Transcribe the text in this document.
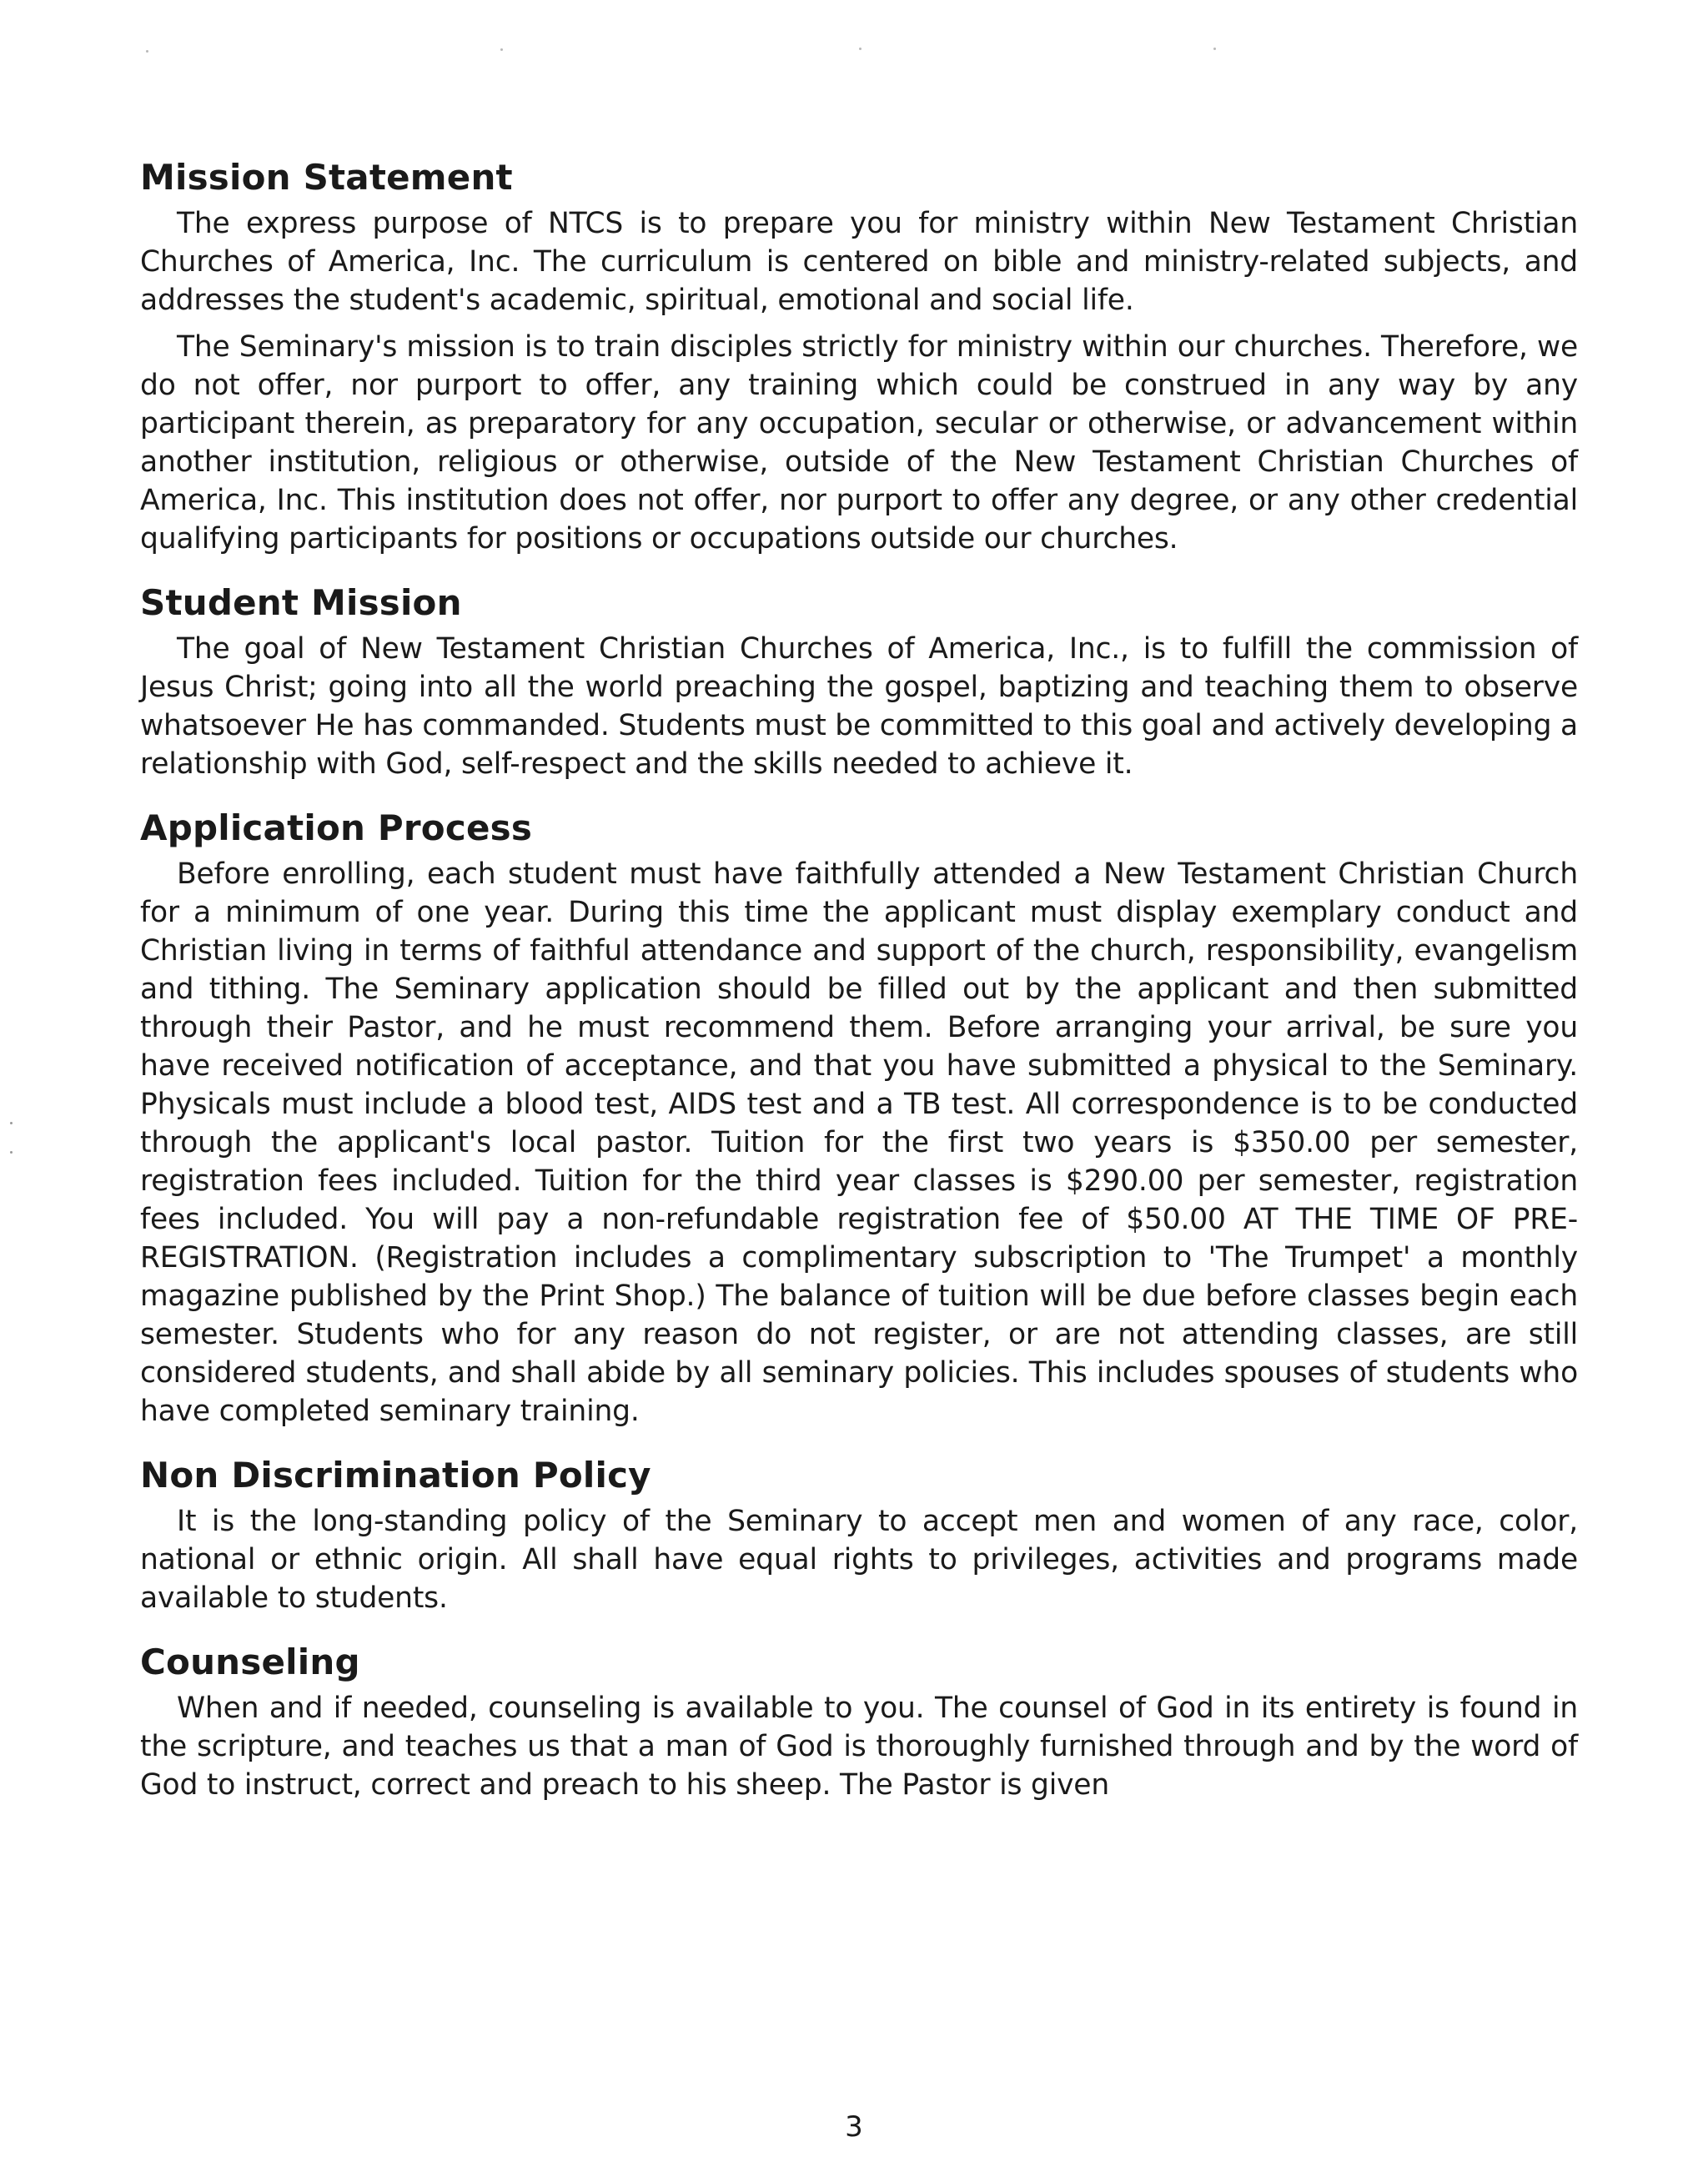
Mission Statement

The express purpose of NTCS is to prepare you for ministry within New Testament Christian Churches of America, Inc. The curriculum is centered on bible and ministry-related subjects, and addresses the student's academic, spiritual, emotional and social life.

The Seminary's mission is to train disciples strictly for ministry within our churches. Therefore, we do not offer, nor purport to offer, any training which could be construed in any way by any participant therein, as preparatory for any occupation, secular or otherwise, or advancement within another institution, religious or otherwise, outside of the New Testament Christian Churches of America, Inc. This institution does not offer, nor purport to offer any degree, or any other credential qualifying participants for positions or occupations outside our churches.

Student Mission

The goal of New Testament Christian Churches of America, Inc., is to fulfill the commission of Jesus Christ; going into all the world preaching the gospel, baptizing and teaching them to observe whatsoever He has commanded. Students must be committed to this goal and actively developing a relationship with God, self-respect and the skills needed to achieve it.

Application Process

Before enrolling, each student must have faithfully attended a New Testament Christian Church for a minimum of one year. During this time the applicant must display exemplary conduct and Christian living in terms of faithful attendance and support of the church, responsibility, evangelism and tithing. The Seminary application should be filled out by the applicant and then submitted through their Pastor, and he must recommend them. Before arranging your arrival, be sure you have received notification of acceptance, and that you have submitted a physical to the Seminary. Physicals must include a blood test, AIDS test and a TB test. All correspondence is to be conducted through the applicant's local pastor. Tuition for the first two years is $350.00 per semester, registration fees included. Tuition for the third year classes is $290.00 per semester, registration fees included. You will pay a non-refundable registration fee of $50.00 AT THE TIME OF PRE-REGISTRATION. (Registration includes a complimentary subscription to 'The Trumpet' a monthly magazine published by the Print Shop.) The balance of tuition will be due before classes begin each semester. Students who for any reason do not register, or are not attending classes, are still considered students, and shall abide by all seminary policies. This includes spouses of students who have completed seminary training.

Non Discrimination Policy

It is the long-standing policy of the Seminary to accept men and women of any race, color, national or ethnic origin. All shall have equal rights to privileges, activities and programs made available to students.

Counseling

When and if needed, counseling is available to you. The counsel of God in its entirety is found in the scripture, and teaches us that a man of God is thoroughly furnished through and by the word of God to instruct, correct and preach to his sheep. The Pastor is given

3
